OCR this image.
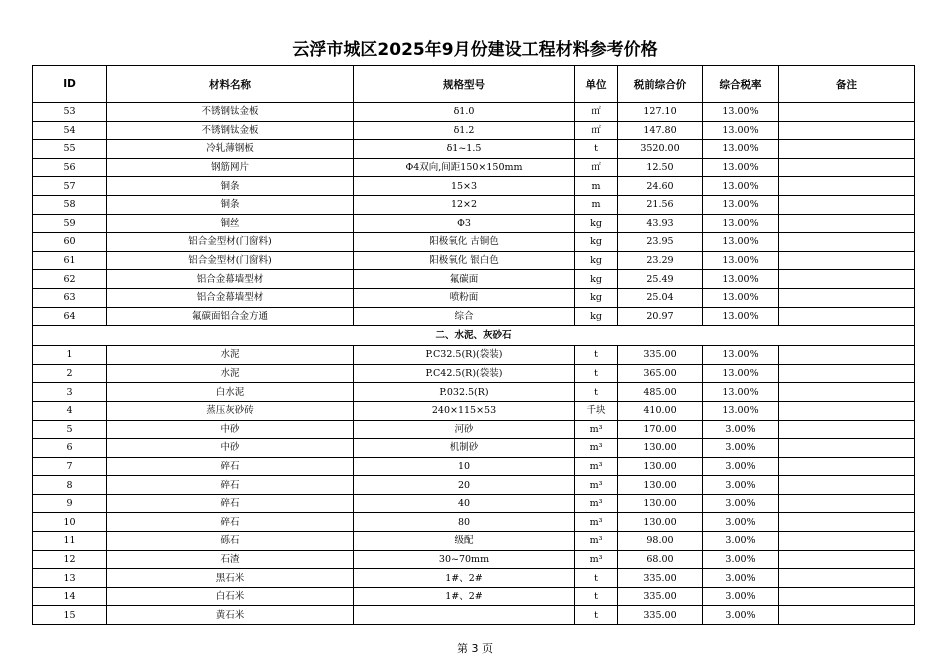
云浮市城区2025年9月份建设工程材料参考价格
ID	材料名称	规格型号	单位	税前综合价	综合税率	备注
53	不锈钢钛金板	δ1.0	㎡	127.10	13.00%	
54	不锈钢钛金板	δ1.2	㎡	147.80	13.00%	
55	冷轧薄钢板	δ1~1.5	t	3520.00	13.00%	
56	钢筋网片	Φ4双向,间距150×150mm	㎡	12.50	13.00%	
57	铜条	15×3	m	24.60	13.00%	
58	铜条	12×2	m	21.56	13.00%	
59	铜丝	Φ3	kg	43.93	13.00%	
60	铝合金型材(门窗料)	阳极氧化 古铜色	kg	23.95	13.00%	
61	铝合金型材(门窗料)	阳极氧化 银白色	kg	23.29	13.00%	
62	铝合金幕墙型材	氟碳面	kg	25.49	13.00%	
63	铝合金幕墙型材	喷粉面	kg	25.04	13.00%	
64	氟碳面铝合金方通	综合	kg	20.97	13.00%	
二、水泥、灰砂石						
1	水泥	P.C32.5(R)(袋装)	t	335.00	13.00%	
2	水泥	P.C42.5(R)(袋装)	t	365.00	13.00%	
3	白水泥	P.032.5(R)	t	485.00	13.00%	
4	蒸压灰砂砖	240×115×53	千块	410.00	13.00%	
5	中砂	河砂	m³	170.00	3.00%	
6	中砂	机制砂	m³	130.00	3.00%	
7	碎石	10	m³	130.00	3.00%	
8	碎石	20	m³	130.00	3.00%	
9	碎石	40	m³	130.00	3.00%	
10	碎石	80	m³	130.00	3.00%	
11	砾石	级配	m³	98.00	3.00%	
12	石渣	30~70mm	m³	68.00	3.00%	
13	黑石米	1#、2#	t	335.00	3.00%	
14	白石米	1#、2#	t	335.00	3.00%	
15	黄石米		t	335.00	3.00%	
第 3 页
